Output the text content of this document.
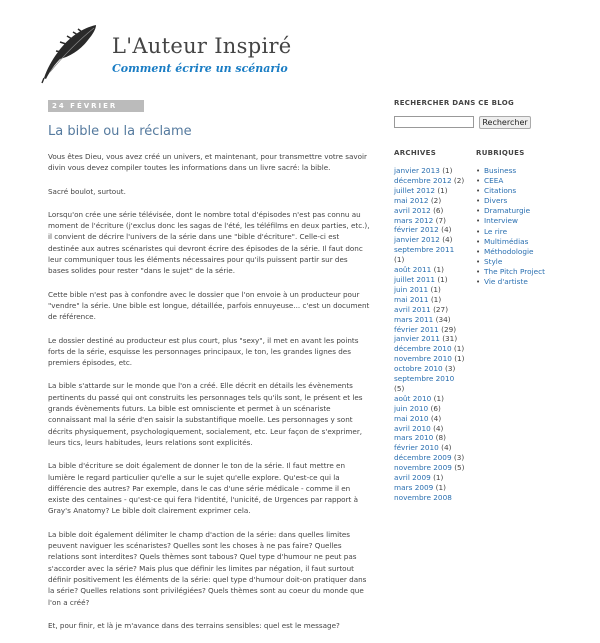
L'Auteur Inspiré
Comment écrire un scénario
24 FÉVRIER 2007
La bible ou la réclame

Vous êtes Dieu, vous avez créé un univers, et maintenant, pour transmettre votre savoir divin vous devez compiler toutes les informations dans un livre sacré: la bible.

Sacré boulot, surtout.

Lorsqu'on crée une série télévisée, dont le nombre total d'épisodes n'est pas connu au moment de l'écriture (j'exclus donc les sagas de l'été, les téléfilms en deux parties, etc.), il convient de décrire l'univers de la série dans une "bible d'écriture". Celle-ci est destinée aux autres scénaristes qui devront écrire des épisodes de la série. Il faut donc leur communiquer tous les éléments nécessaires pour qu'ils puissent partir sur des bases solides pour rester "dans le sujet" de la série.

Cette bible n'est pas à confondre avec le dossier que l'on envoie à un producteur pour "vendre" la série. Une bible est longue, détaillée, parfois ennuyeuse... c'est un document de référence.

Le dossier destiné au producteur est plus court, plus "sexy", il met en avant les points forts de la série, esquisse les personnages principaux, le ton, les grandes lignes des premiers épisodes, etc.

La bible s'attarde sur le monde que l'on a créé. Elle décrit en détails les évènements pertinents du passé qui ont construits les personnages tels qu'ils sont, le présent et les grands évènements futurs. La bible est omnisciente et permet à un scénariste connaissant mal la série d'en saisir la substantifique moelle. Les personnages y sont décrits physiquement, psychologiquement, socialement, etc. Leur façon de s'exprimer, leurs tics, leurs habitudes, leurs relations sont explicités.

La bible d'écriture se doit également de donner le ton de la série. Il faut mettre en lumière le regard particulier qu'elle a sur le sujet qu'elle explore. Qu'est-ce qui la différencie des autres? Par exemple, dans le cas d'une série médicale - comme il en existe des centaines - qu'est-ce qui fera l'identité, l'unicité, de Urgences par rapport à Gray's Anatomy? Le bible doit clairement exprimer cela.

La bible doit également délimiter le champ d'action de la série: dans quelles limites peuvent naviguer les scénaristes? Quelles sont les choses à ne pas faire? Quelles relations sont interdites? Quels thèmes sont tabous? Quel type d'humour ne peut pas s'accorder avec la série? Mais plus que définir les limites par négation, il faut surtout définir positivement les éléments de la série: quel type d'humour doit-on pratiquer dans la série? Quelles relations sont privilégiées? Quels thèmes sont au coeur du monde que l'on a créé?

Et, pour finir, et là je m'avance dans des terrains sensibles: quel est le message?

RECHERCHER DANS CE BLOG
Rechercher
ARCHIVES
janvier 2013 (1)
décembre 2012 (2)
juillet 2012 (1)
mai 2012 (2)
avril 2012 (6)
mars 2012 (7)
février 2012 (4)
janvier 2012 (4)
septembre 2011 (1)
août 2011 (1)
juillet 2011 (1)
juin 2011 (1)
mai 2011 (1)
avril 2011 (27)
mars 2011 (34)
février 2011 (29)
janvier 2011 (31)
décembre 2010 (1)
novembre 2010 (1)
octobre 2010 (3)
septembre 2010 (5)
août 2010 (1)
juin 2010 (6)
mai 2010 (4)
avril 2010 (4)
mars 2010 (8)
février 2010 (4)
décembre 2009 (3)
novembre 2009 (5)
avril 2009 (1)
mars 2009 (1)
novembre 2008
RUBRIQUES
• Business
• CEEA
• Citations
• Divers
• Dramaturgie
• Interview
• Le rire
• Multimédias
• Méthodologie
• Style
• The Pitch Project
• Vie d'artiste
